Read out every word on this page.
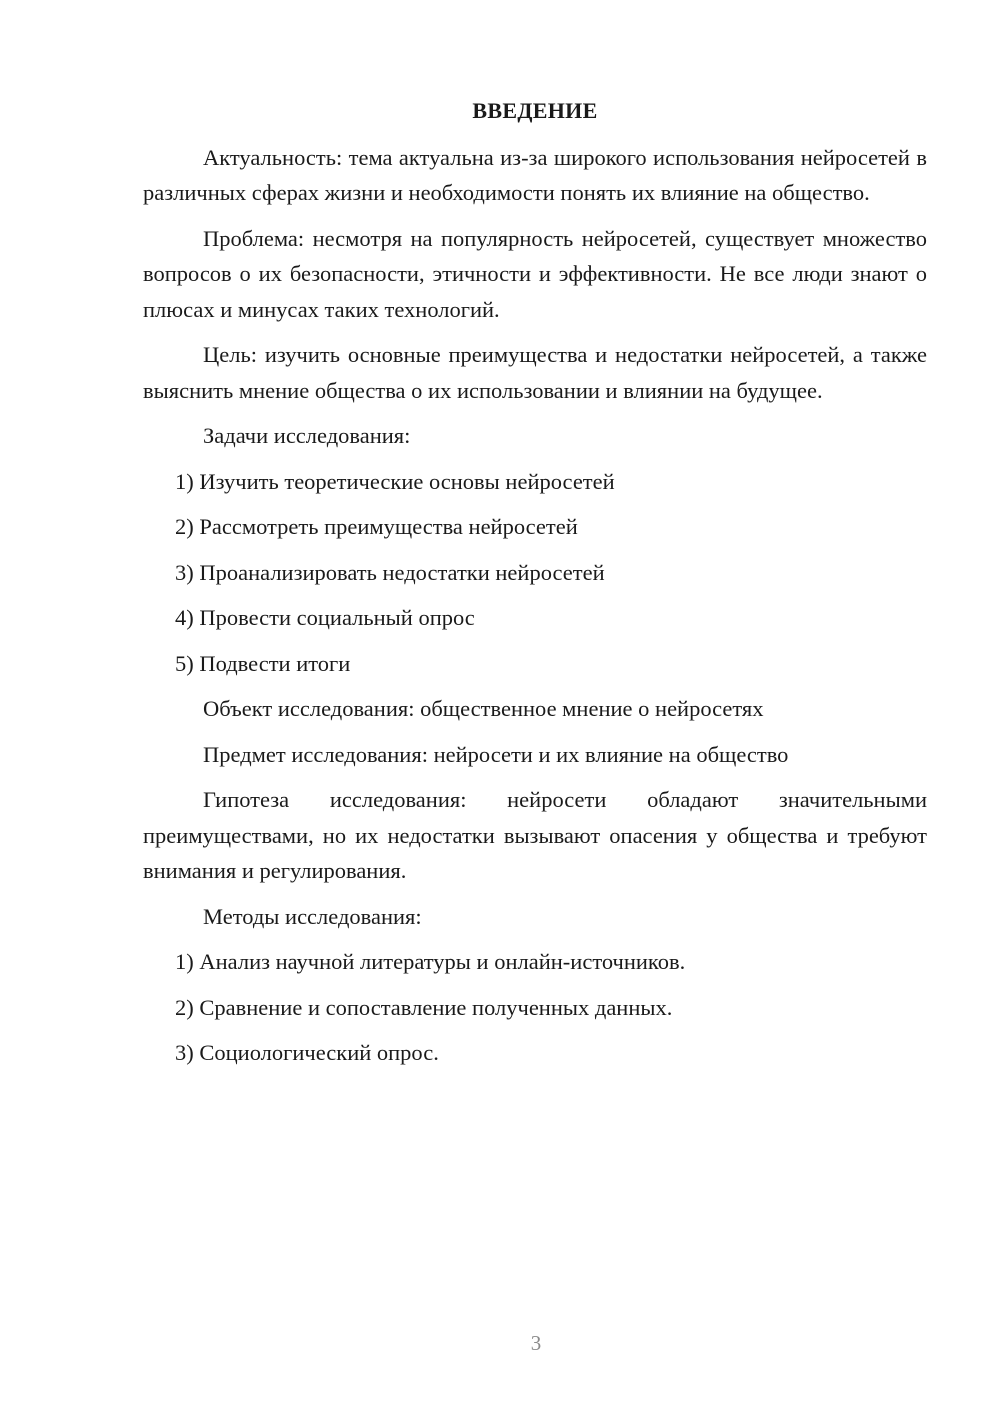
ВВЕДЕНИЕ

Актуальность: тема актуальна из-за широкого использования нейросетей в различных сферах жизни и необходимости понять их влияние на общество.

Проблема: несмотря на популярность нейросетей, существует множество вопросов о их безопасности, этичности и эффективности. Не все люди знают о плюсах и минусах таких технологий.

Цель: изучить основные преимущества и недостатки нейросетей, а также выяснить мнение общества о их использовании и влиянии на будущее.

Задачи исследования:

1) Изучить теоретические основы нейросетей

2) Рассмотреть преимущества нейросетей

3) Проанализировать недостатки нейросетей

4) Провести социальный опрос

5) Подвести итоги

Объект исследования: общественное мнение о нейросетях

Предмет исследования: нейросети и их влияние на общество

Гипотеза исследования: нейросети обладают значительными преимуществами, но их недостатки вызывают опасения у общества и требуют внимания и регулирования.

Методы исследования:

1) Анализ научной литературы и онлайн-источников.

2) Сравнение и сопоставление полученных данных.

3) Социологический опрос.

3
